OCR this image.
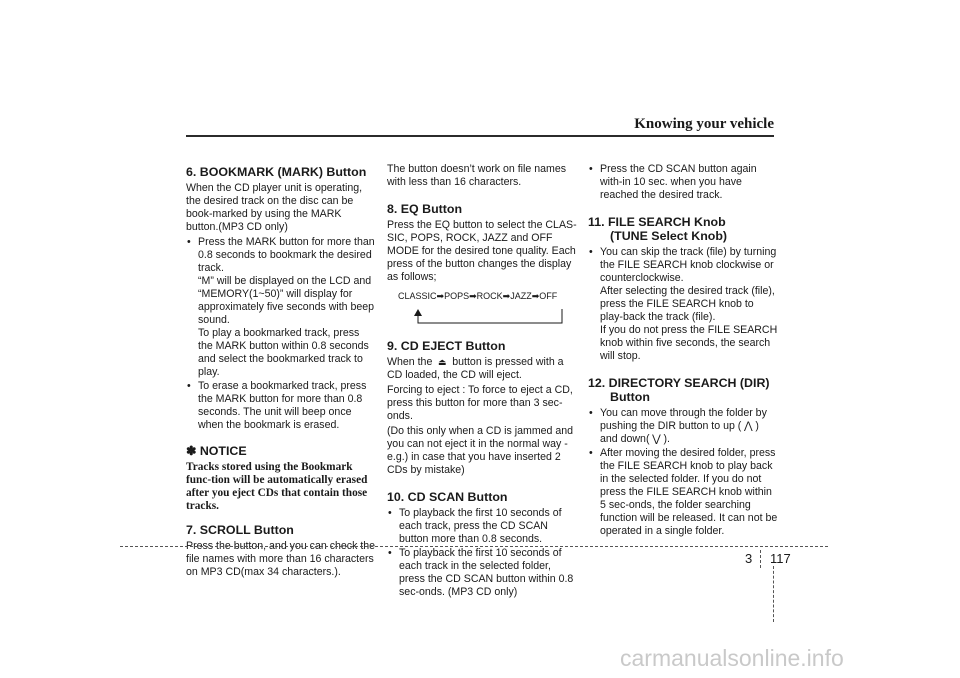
Knowing your vehicle
6. BOOKMARK (MARK) Button

When the CD player unit is operating, the desired track on the disc can be book-marked by using the MARK button.(MP3 CD only)

• Press the MARK button for more than 0.8 seconds to bookmark the desired track.

“M” will be displayed on the LCD and “MEMORY(1~50)” will display for approximately five seconds with beep sound.

To play a bookmarked track, press the MARK button within 0.8 seconds and select the bookmarked track to play.

• To erase a bookmarked track, press the MARK button for more than 0.8 seconds. The unit will beep once when the bookmark is erased.
✽ NOTICE
Tracks stored using the Bookmark func-tion will be automatically erased after you eject CDs that contain those tracks.
7. SCROLL Button

Press the button, and you can check the file names with more than 16 characters on MP3 CD(max 34 characters.).

The button doesn’t work on file names with less than 16 characters.

8. EQ Button

Press the EQ button to select the CLAS-SIC, POPS, ROCK, JAZZ and OFF MODE for the desired tone quality. Each press of the button changes the display as follows;

CLASSIC➡POPS➡ROCK➡JAZZ➡OFF
9. CD EJECT Button

When the ⏏ button is pressed with a CD loaded, the CD will eject.

Forcing to eject : To force to eject a CD, press this button for more than 3 sec-onds.

(Do this only when a CD is jammed and you can not eject it in the normal way - e.g.) in case that you have inserted 2 CDs by mistake)

10. CD SCAN Button
• To playback the first 10 seconds of each track, press the CD SCAN button more than 0.8 seconds.
• To playback the first 10 seconds of each track in the selected folder, press the CD SCAN button within 0.8 sec-onds. (MP3 CD only)
• Press the CD SCAN button again with-in 10 sec. when you have reached the desired track.
11. FILE SEARCH Knob
(TUNE Select Knob)
• You can skip the track (file) by turning the FILE SEARCH knob clockwise or counterclockwise.

After selecting the desired track (file), press the FILE SEARCH knob to play-back the track (file).

If you do not press the FILE SEARCH knob within five seconds, the search will stop.

12. DIRECTORY SEARCH (DIR)
Button
• You can move through the folder by pushing the DIR button to up ( ⋀ ) and down( ⋁ ).
• After moving the desired folder, press the FILE SEARCH knob to play back in the selected folder. If you do not press the FILE SEARCH knob within 5 sec-onds, the folder searching function will be released. It can not be operated in a single folder.
3 117
carmanualsonline.info
